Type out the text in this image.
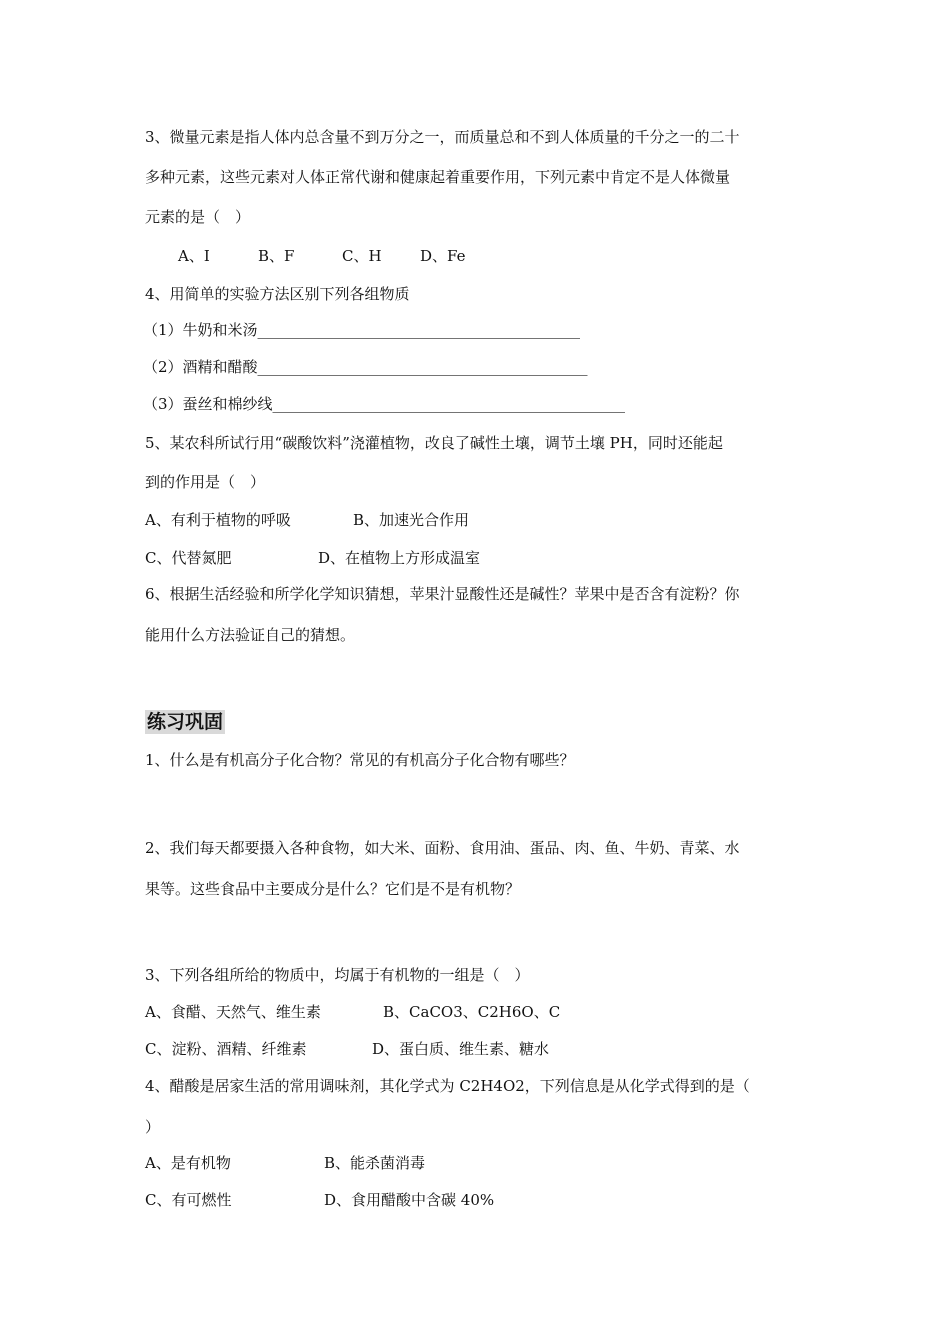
3、微量元素是指人体内总含量不到万分之一，而质量总和不到人体质量的千分之一的二十
多种元素，这些元素对人体正常代谢和健康起着重要作用，下列元素中肯定不是人体微量
元素的是（　）
A、I	B、F	C、H	D、Fe
4、用简单的实验方法区别下列各组物质
（1）牛奶和米汤___________________________________________
（2）酒精和醋酸____________________________________________
（3）蚕丝和棉纱线_______________________________________________
5、某农科所试行用“碳酸饮料”浇灌植物，改良了碱性土壤，调节土壤 PH，同时还能起
到的作用是（　）
A、有利于植物的呼吸	B、加速光合作用
C、代替氮肥	D、在植物上方形成温室
6、根据生活经验和所学化学知识猜想，苹果汁显酸性还是碱性？苹果中是否含有淀粉？你
能用什么方法验证自己的猜想。
练习巩固
1、什么是有机高分子化合物？常见的有机高分子化合物有哪些？
2、我们每天都要摄入各种食物，如大米、面粉、食用油、蛋品、肉、鱼、牛奶、青菜、水
果等。这些食品中主要成分是什么？它们是不是有机物？
3、下列各组所给的物质中，均属于有机物的一组是（　）
A、食醋、天然气、维生素	B、CaCO3、C2H6O、C
C、淀粉、酒精、纤维素	D、蛋白质、维生素、糖水
4、醋酸是居家生活的常用调味剂，其化学式为 C2H4O2，下列信息是从化学式得到的是（
）
A、是有机物	B、能杀菌消毒
C、有可燃性	D、食用醋酸中含碳 40%
